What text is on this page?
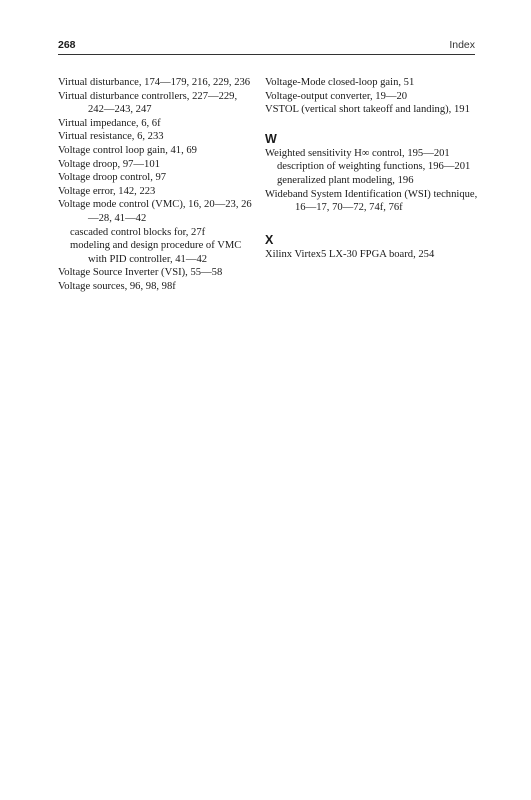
268	Index

Virtual disturbance, 174—179, 216, 229, 236

Virtual disturbance controllers, 227—229, 242—243, 247

Virtual impedance, 6, 6f

Virtual resistance, 6, 233

Voltage control loop gain, 41, 69

Voltage droop, 97—101

Voltage droop control, 97

Voltage error, 142, 223

Voltage mode control (VMC), 16, 20—23, 26—28, 41—42

cascaded control blocks for, 27f

modeling and design procedure of VMC with PID controller, 41—42

Voltage Source Inverter (VSI), 55—58

Voltage sources, 96, 98, 98f

Voltage-Mode closed-loop gain, 51

Voltage-output converter, 19—20

VSTOL (vertical short takeoff and landing), 191

W

Weighted sensitivity H∞ control, 195—201

description of weighting functions, 196—201

generalized plant modeling, 196

Wideband System Identification (WSI) technique, 16—17, 70—72, 74f, 76f

X

Xilinx Virtex5 LX-30 FPGA board, 254
